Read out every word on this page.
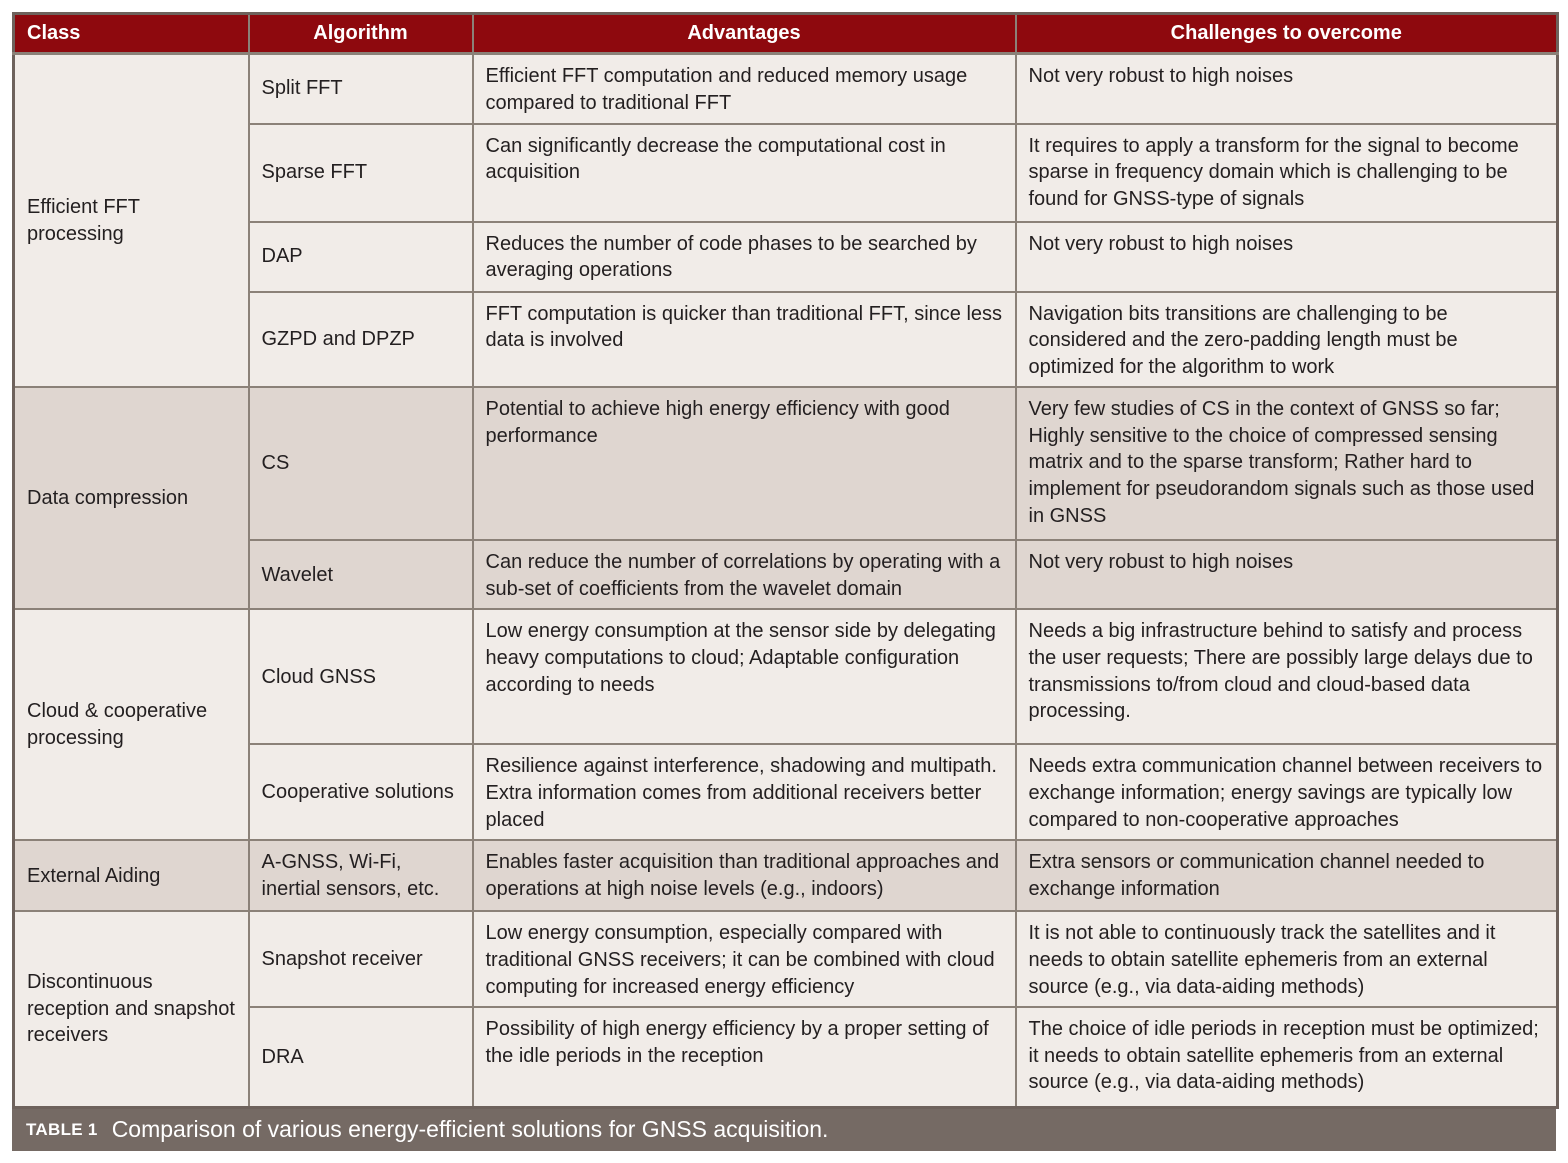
Class	Algorithm	Advantages	Challenges to overcome
Efficient FFT processing	Split FFT	Efficient FFT computation and reduced memory usage compared to traditional FFT	Not very robust to high noises
	Sparse FFT	Can significantly decrease the computational cost in acquisition	It requires to apply a transform for the signal to become sparse in frequency domain which is challenging to be found for GNSS-type of signals
	DAP	Reduces the number of code phases to be searched by averaging operations	Not very robust to high noises
	GZPD and DPZP	FFT computation is quicker than traditional FFT, since less data is involved	Navigation bits transitions are challenging to be considered and the zero-padding length must be optimized for the algorithm to work
Data compression	CS	Potential to achieve high energy efficiency with good performance	Very few studies of CS in the context of GNSS so far; Highly sensitive to the choice of compressed sensing matrix and to the sparse transform; Rather hard to implement for pseudorandom signals such as those used in GNSS
	Wavelet	Can reduce the number of correlations by operating with a sub-set of coefficients from the wavelet domain	Not very robust to high noises
Cloud & cooperative processing	Cloud GNSS	Low energy consumption at the sensor side by delegating heavy computations to cloud; Adaptable configuration according to needs	Needs a big infrastructure behind to satisfy and process the user requests; There are possibly large delays due to transmissions to/from cloud and cloud-based data processing.
	Cooperative solutions	Resilience against interference, shadowing and multipath. Extra information comes from additional receivers better placed	Needs extra communication channel between receivers to exchange information; energy savings are typically low compared to non-cooperative approaches
External Aiding	A-GNSS, Wi-Fi, inertial sensors, etc.	Enables faster acquisition than traditional approaches and operations at high noise levels (e.g., indoors)	Extra sensors or communication channel needed to exchange information
Discontinuous reception and snapshot receivers	Snapshot receiver	Low energy consumption, especially compared with traditional GNSS receivers; it can be combined with cloud computing for increased energy efficiency	It is not able to continuously track the satellites and it needs to obtain satellite ephemeris from an external source (e.g., via data-aiding methods)
	DRA	Possibility of high energy efficiency by a proper setting of the idle periods in the reception	The choice of idle periods in reception must be optimized; it needs to obtain satellite ephemeris from an external source (e.g., via data-aiding methods)
TABLE 1 Comparison of various energy-efficient solutions for GNSS acquisition.
